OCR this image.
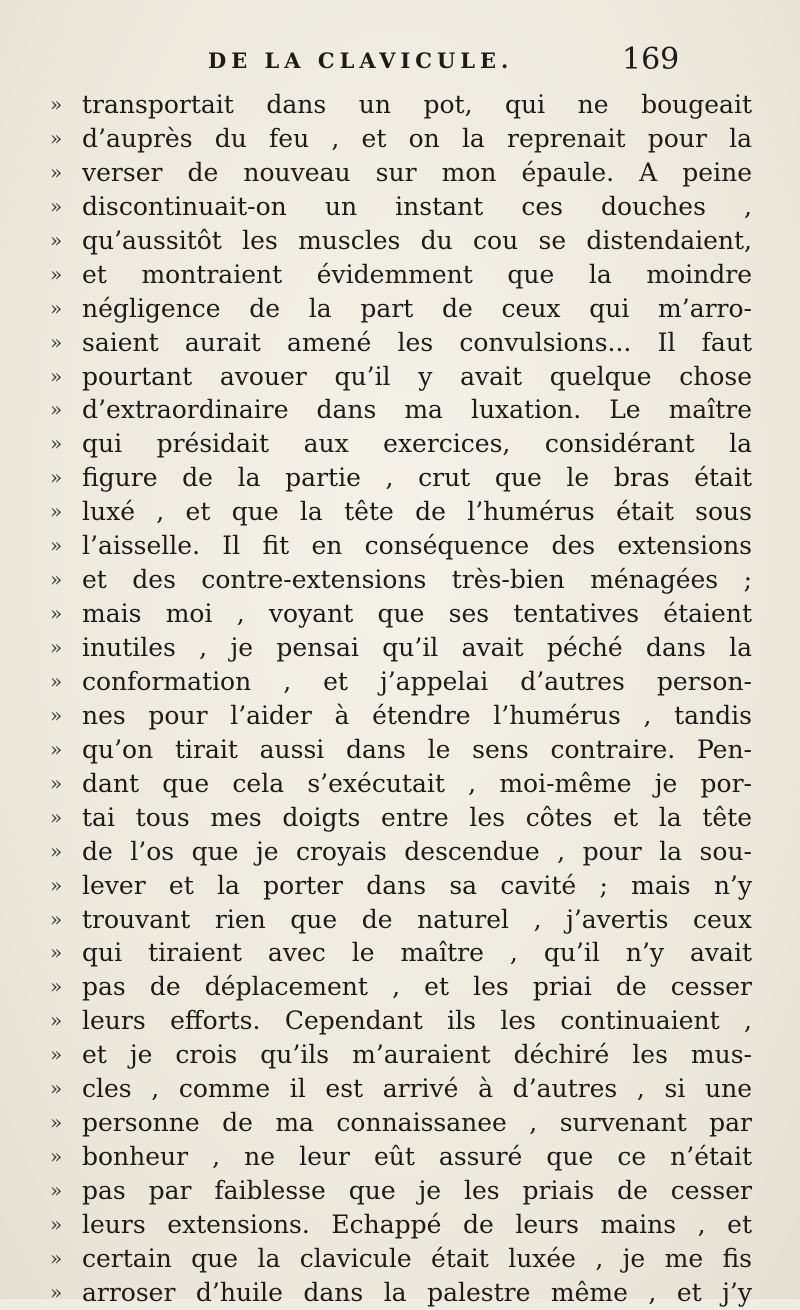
DE LA CLAVICULE.	169
» transportait dans un pot, qui ne bougeait
» d’auprès du feu , et on la reprenait pour la
» verser de nouveau sur mon épaule. A peine
» discontinuait-on un instant ces douches ,
» qu’aussitôt les muscles du cou se distendaient,
» et montraient évidemment que la moindre
» négligence de la part de ceux qui m’arro-
» saient aurait amené les convulsions... Il faut
» pourtant avouer qu’il y avait quelque chose
» d’extraordinaire dans ma luxation. Le maître
» qui présidait aux exercices, considérant la
» figure de la partie , crut que le bras était
» luxé , et que la tête de l’humérus était sous
» l’aisselle. Il fit en conséquence des extensions
» et des contre-extensions très-bien ménagées ;
» mais moi , voyant que ses tentatives étaient
» inutiles , je pensai qu’il avait péché dans la
» conformation , et j’appelai d’autres person-
» nes pour l’aider à étendre l’humérus , tandis
» qu’on tirait aussi dans le sens contraire. Pen-
» dant que cela s’exécutait , moi-même je por-
» tai tous mes doigts entre les côtes et la tête
» de l’os que je croyais descendue , pour la sou-
» lever et la porter dans sa cavité ; mais n’y
» trouvant rien que de naturel , j’avertis ceux
» qui tiraient avec le maître , qu’il n’y avait
» pas de déplacement , et les priai de cesser
» leurs efforts. Cependant ils les continuaient ,
» et je crois qu’ils m’auraient déchiré les mus-
» cles , comme il est arrivé à d’autres , si une
» personne de ma connaissanee , survenant par
» bonheur , ne leur eût assuré que ce n’était
» pas par faiblesse que je les priais de cesser
» leurs extensions. Echappé de leurs mains , et
» certain que la clavicule était luxée , je me fis
» arroser d’huile dans la palestre même , et j’y
